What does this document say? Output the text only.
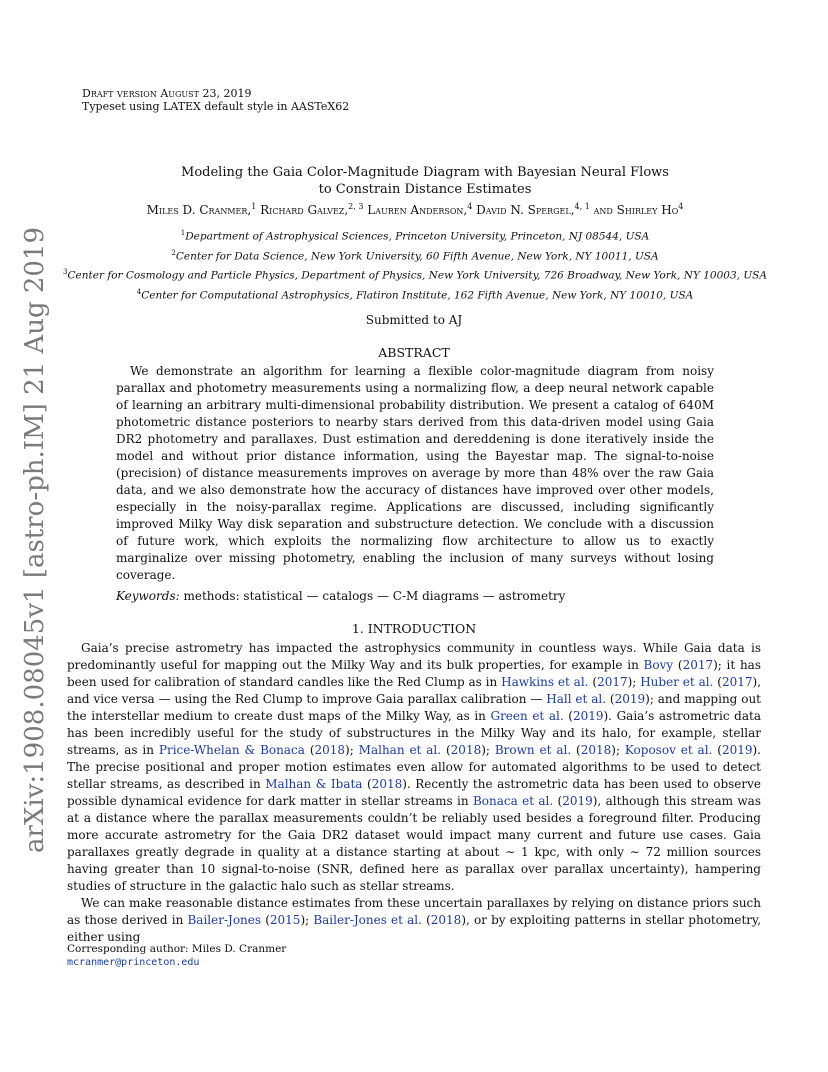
arXiv:1908.08045v1 [astro-ph.IM] 21 Aug 2019
Draft version August 23, 2019
Typeset using LATEX default style in AASTeX62
Modeling the Gaia Color-Magnitude Diagram with Bayesian Neural Flows
to Constrain Distance Estimates
Miles D. Cranmer,$^1$ Richard Galvez,$^{2, 3}$ Lauren Anderson,$^4$ David N. Spergel,$^{4, 1}$ and Shirley Ho$^4$
$^1$Department of Astrophysical Sciences, Princeton University, Princeton, NJ 08544, USA
$^2$Center for Data Science, New York University, 60 Fifth Avenue, New York, NY 10011, USA
$^3$Center for Cosmology and Particle Physics, Department of Physics, New York University, 726 Broadway, New York, NY 10003, USA
$^4$Center for Computational Astrophysics, Flatiron Institute, 162 Fifth Avenue, New York, NY 10010, USA
Submitted to AJ
ABSTRACT
We demonstrate an algorithm for learning a flexible color-magnitude diagram from noisy parallax and photometry measurements using a normalizing flow, a deep neural network capable of learning an arbitrary multi-dimensional probability distribution. We present a catalog of 640M photometric distance posteriors to nearby stars derived from this data-driven model using Gaia DR2 photometry and parallaxes. Dust estimation and dereddening is done iteratively inside the model and without prior distance information, using the Bayestar map. The signal-to-noise (precision) of distance measurements improves on average by more than 48% over the raw Gaia data, and we also demonstrate how the accuracy of distances have improved over other models, especially in the noisy-parallax regime. Applications are discussed, including significantly improved Milky Way disk separation and substructure detection. We conclude with a discussion of future work, which exploits the normalizing flow architecture to allow us to exactly marginalize over missing photometry, enabling the inclusion of many surveys without losing coverage.
Keywords: methods: statistical — catalogs — C-M diagrams — astrometry
1. INTRODUCTION

Gaia’s precise astrometry has impacted the astrophysics community in countless ways. While Gaia data is predominantly useful for mapping out the Milky Way and its bulk properties, for example in Bovy (2017); it has been used for calibration of standard candles like the Red Clump as in Hawkins et al. (2017); Huber et al. (2017), and vice versa — using the Red Clump to improve Gaia parallax calibration — Hall et al. (2019); and mapping out the interstellar medium to create dust maps of the Milky Way, as in Green et al. (2019). Gaia’s astrometric data has been incredibly useful for the study of substructures in the Milky Way and its halo, for example, stellar streams, as in Price-Whelan & Bonaca (2018); Malhan et al. (2018); Brown et al. (2018); Koposov et al. (2019). The precise positional and proper motion estimates even allow for automated algorithms to be used to detect stellar streams, as described in Malhan & Ibata (2018). Recently the astrometric data has been used to observe possible dynamical evidence for dark matter in stellar streams in Bonaca et al. (2019), although this stream was at a distance where the parallax measurements couldn’t be reliably used besides a foreground filter. Producing more accurate astrometry for the Gaia DR2 dataset would impact many current and future use cases. Gaia parallaxes greatly degrade in quality at a distance starting at about ∼ 1 kpc, with only ∼ 72 million sources having greater than 10 signal-to-noise (SNR, defined here as parallax over parallax uncertainty), hampering studies of structure in the galactic halo such as stellar streams.

We can make reasonable distance estimates from these uncertain parallaxes by relying on distance priors such as those derived in Bailer-Jones (2015); Bailer-Jones et al. (2018), or by exploiting patterns in stellar photometry, either using

Corresponding author: Miles D. Cranmer
mcranmer@princeton.edu
